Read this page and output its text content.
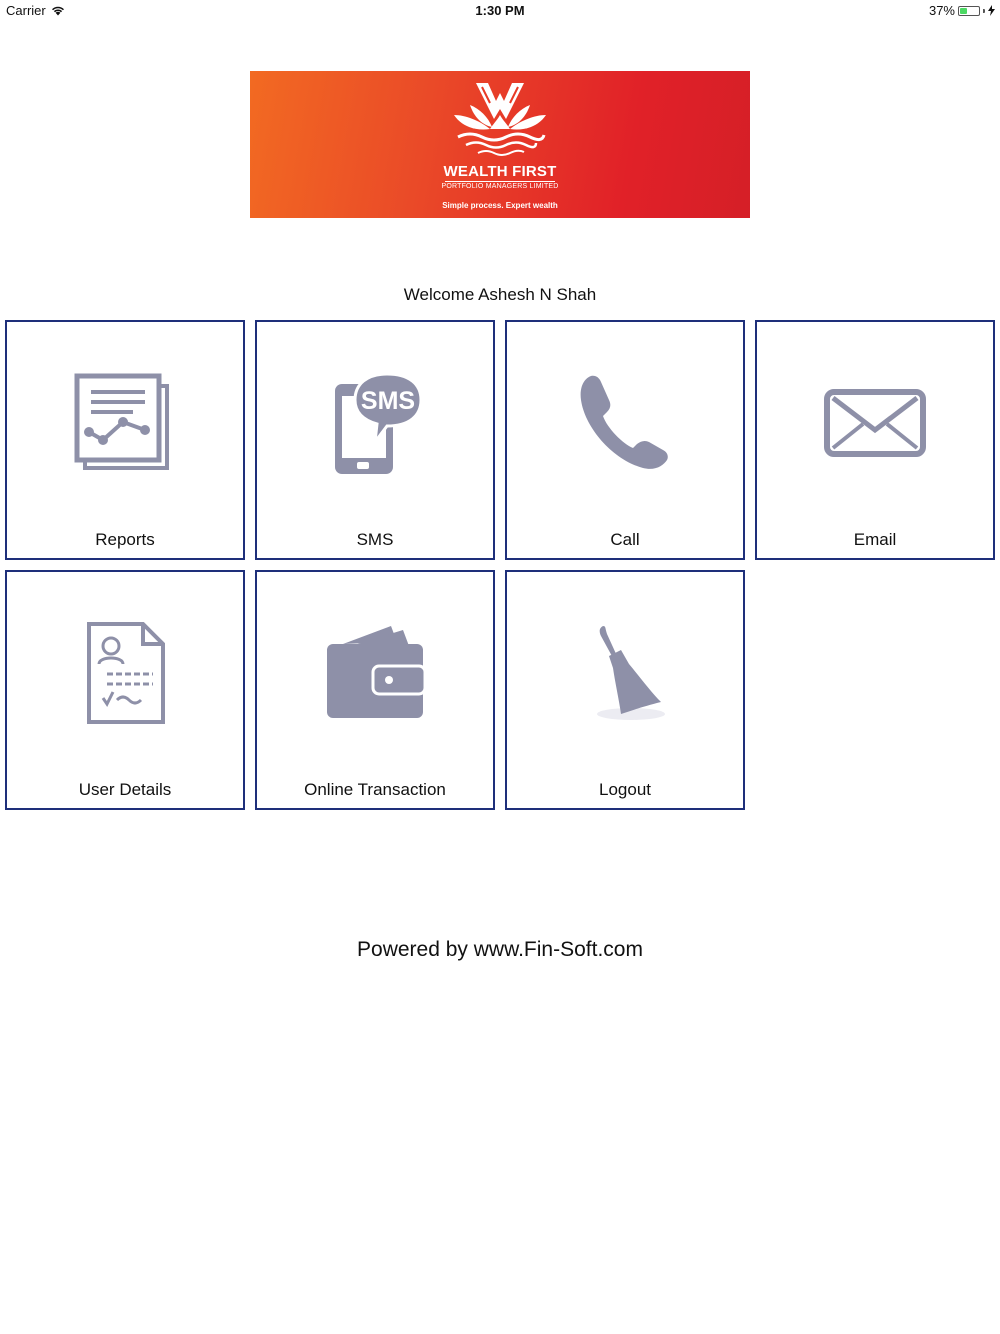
Carrier	1:30 PM	37%
WEALTH FIRST
PORTFOLIO MANAGERS LIMITED
Simple process. Expert wealth
Welcome Ashesh N Shah
Reports
SMS
SMS	Call	Email
User Details	Online Transaction	Logout
Powered by www.Fin-Soft.com
